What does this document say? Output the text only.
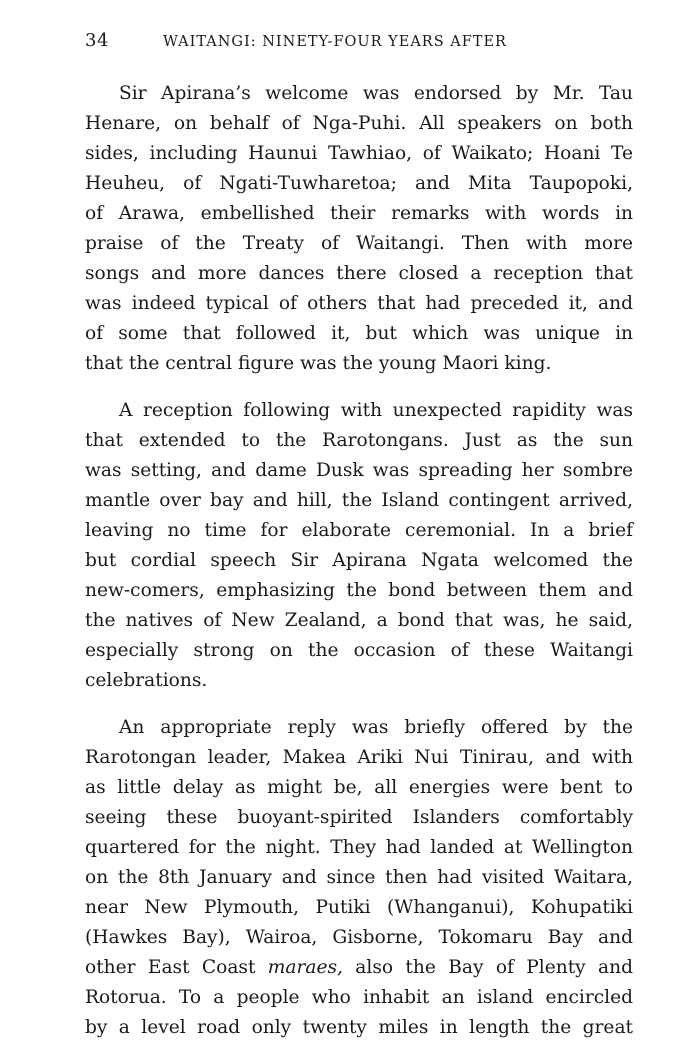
34	WAITANGI: NINETY-FOUR YEARS AFTER

Sir Apirana’s welcome was endorsed by Mr. Tau
Henare, on behalf of Nga-Puhi. All speakers on both
sides, including Haunui Tawhiao, of Waikato; Hoani Te
Heuheu, of Ngati-Tuwharetoa; and Mita Taupopoki,
of Arawa, embellished their remarks with words in
praise of the Treaty of Waitangi. Then with more
songs and more dances there closed a reception that
was indeed typical of others that had preceded it, and
of some that followed it, but which was unique in
that the central figure was the young Maori king.

A reception following with unexpected rapidity was
that extended to the Rarotongans. Just as the sun
was setting, and dame Dusk was spreading her sombre
mantle over bay and hill, the Island contingent arrived,
leaving no time for elaborate ceremonial. In a brief
but cordial speech Sir Apirana Ngata welcomed the
new-comers, emphasizing the bond between them and
the natives of New Zealand, a bond that was, he said,
especially strong on the occasion of these Waitangi
celebrations.

An appropriate reply was briefly offered by the
Rarotongan leader, Makea Ariki Nui Tinirau, and with
as little delay as might be, all energies were bent to
seeing these buoyant-spirited Islanders comfortably
quartered for the night. They had landed at Wellington
on the 8th January and since then had visited Waitara,
near New Plymouth, Putiki (Whanganui), Kohupatiki
(Hawkes Bay), Wairoa, Gisborne, Tokomaru Bay and
other East Coast maraes, also the Bay of Plenty and
Rotorua. To a people who inhabit an island encircled
by a level road only twenty miles in length the great
